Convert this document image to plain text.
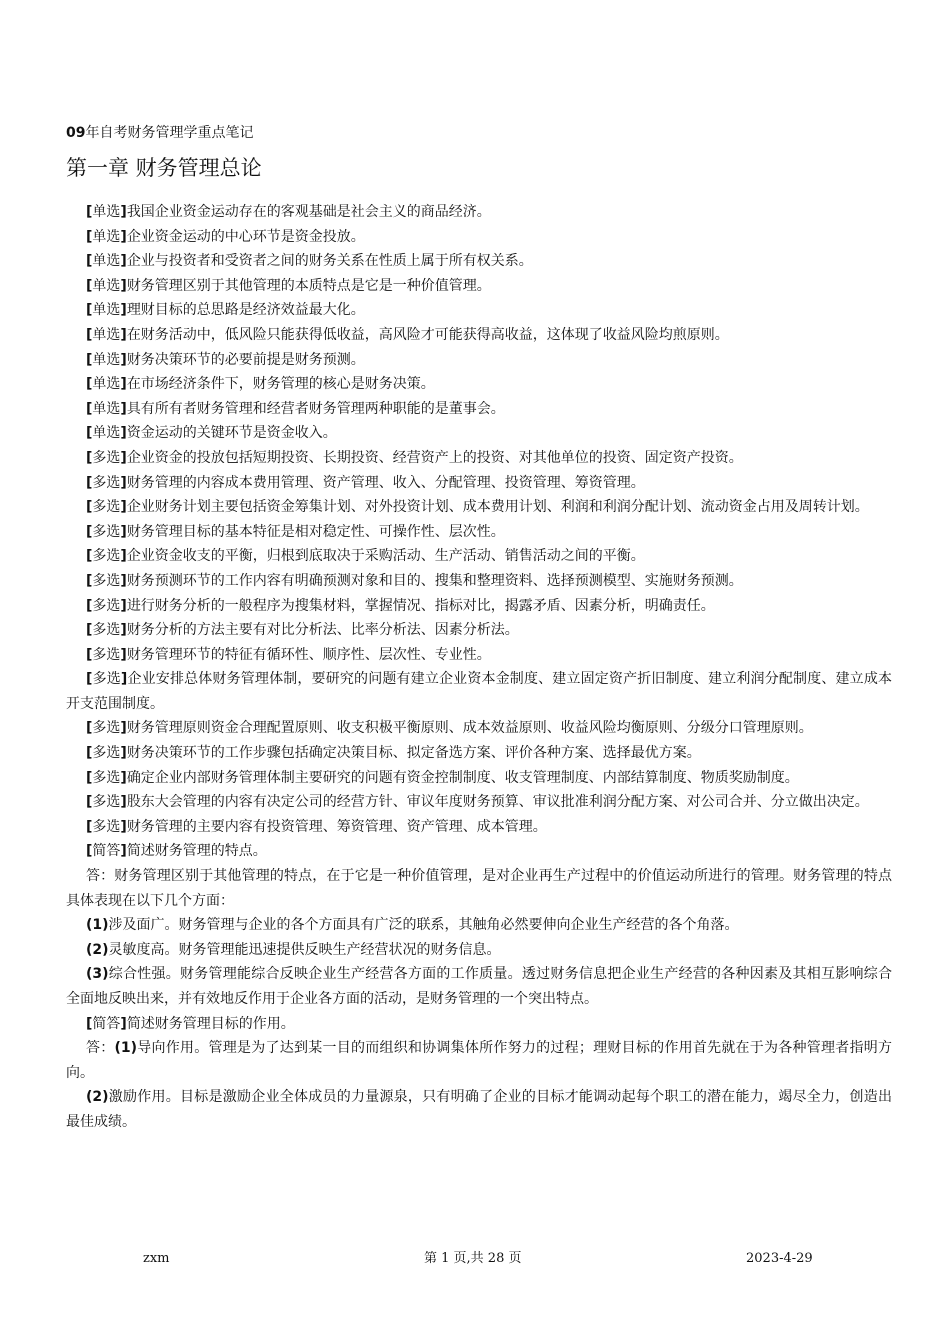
09年自考财务管理学重点笔记
第一章 财务管理总论

[ 单选 ] 我国企业资金运动存在的客观基础是社会主义的商品经济。

[ 单选 ] 企业资金运动的中心环节是资金投放。

[ 单选 ] 企业与投资者和受资者之间的财务关系在性质上属于所有权关系。

[ 单选 ] 财务管理区别于其他管理的本质特点是它是一种价值管理。

[ 单选 ] 理财目标的总思路是经济效益最大化。

[ 单选 ] 在财务活动中，低风险只能获得低收益，高风险才可能获得高收益，这体现了收益风险均煎原则。

[ 单选 ] 财务决策环节的必要前提是财务预测。

[ 单选 ] 在市场经济条件下，财务管理的核心是财务决策。

[ 单选 ] 具有所有者财务管理和经营者财务管理两种职能的是董事会。

[ 单选 ] 资金运动的关键环节是资金收入。

[ 多选 ] 企业资金的投放包括短期投资、长期投资、经营资产上的投资、对其他单位的投资、固定资产投资。

[ 多选 ] 财务管理的内容成本费用管理、资产管理、收入、分配管理、投资管理、筹资管理。

[ 多选 ] 企业财务计划主要包括资金筹集计划、对外投资计划、成本费用计划、利润和利润分配计划、流动资金占用及周转计划。

[ 多选 ] 财务管理目标的基本特征是相对稳定性、可操作性、层次性。

[ 多选 ] 企业资金收支的平衡，归根到底取决于采购活动、生产活动、销售活动之间的平衡。

[ 多选 ] 财务预测环节的工作内容有明确预测对象和目的、搜集和整理资料、选择预测模型、实施财务预测。

[ 多选 ] 进行财务分析的一般程序为搜集材料，掌握情况、指标对比，揭露矛盾、因素分析，明确责任。

[ 多选 ] 财务分析的方法主要有对比分析法、比率分析法、因素分析法。

[ 多选 ] 财务管理环节的特征有循环性、顺序性、层次性、专业性。

[ 多选 ] 企业安排总体财务管理体制，要研究的问题有建立企业资本金制度、建立固定资产折旧制度、建立利润分配制度、建立成本开支范围制度。

[ 多选 ] 财务管理原则资金合理配置原则、收支积极平衡原则、成本效益原则、收益风险均衡原则、分级分口管理原则。

[ 多选 ] 财务决策环节的工作步骤包括确定决策目标、拟定备选方案、评价各种方案、选择最优方案。

[ 多选 ] 确定企业内部财务管理体制主要研究的问题有资金控制制度、收支管理制度、内部结算制度、物质奖励制度。

[ 多选 ] 股东大会管理的内容有决定公司的经营方针、审议年度财务预算、审议批准利润分配方案、对公司合并、分立做出决定。

[ 多选 ] 财务管理的主要内容有投资管理、筹资管理、资产管理、成本管理。

[ 简答 ] 简述财务管理的特点。

答：财务管理区别于其他管理的特点，在于它是一种价值管理，是对企业再生产过程中的价值运动所进行的管理。财务管理的特点具体表现在以下几个方面：

(1)涉及面广。财务管理与企业的各个方面具有广泛的联系，其触角必然要伸向企业生产经营的各个角落。

(2)灵敏度高。财务管理能迅速提供反映生产经营状况的财务信息。

(3)综合性强。财务管理能综合反映企业生产经营各方面的工作质量。透过财务信息把企业生产经营的各种因素及其相互影响综合全面地反映出来，并有效地反作用于企业各方面的活动，是财务管理的一个突出特点。

[ 简答 ] 简述财务管理目标的作用。

答：(1)导向作用。管理是为了达到某一目的而组织和协调集体所作努力的过程；理财目标的作用首先就在于为各种管理者指明方向。

(2)激励作用。目标是激励企业全体成员的力量源泉，只有明确了企业的目标才能调动起每个职工的潜在能力，竭尽全力，创造出最佳成绩。

zxm	第 1 页,共 28 页	2023-4-29
